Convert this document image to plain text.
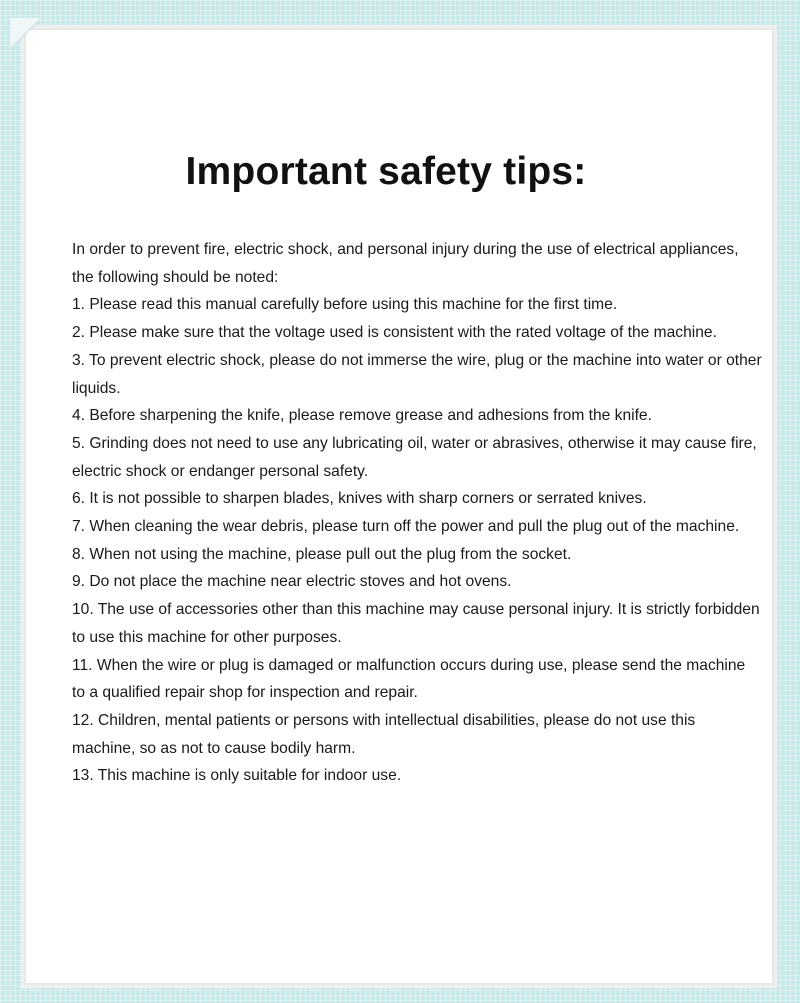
Important safety tips:

In order to prevent fire, electric shock, and personal injury during the use of electrical appliances, the following should be noted:

1. Please read this manual carefully before using this machine for the first time.

2. Please make sure that the voltage used is consistent with the rated voltage of the machine.

3. To prevent electric shock, please do not immerse the wire, plug or the machine into water or other liquids.

4. Before sharpening the knife, please remove grease and adhesions from the knife.

5. Grinding does not need to use any lubricating oil, water or abrasives, otherwise it may cause fire, electric shock or endanger personal safety.

6. It is not possible to sharpen blades, knives with sharp corners or serrated knives.

7. When cleaning the wear debris, please turn off the power and pull the plug out of the machine.

8. When not using the machine, please pull out the plug from the socket.

9. Do not place the machine near electric stoves and hot ovens.

10. The use of accessories other than this machine may cause personal injury. It is strictly forbidden to use this machine for other purposes.

11. When the wire or plug is damaged or malfunction occurs during use, please send the machine to a qualified repair shop for inspection and repair.

12. Children, mental patients or persons with intellectual disabilities, please do not use this machine, so as not to cause bodily harm.

13. This machine is only suitable for indoor use.
